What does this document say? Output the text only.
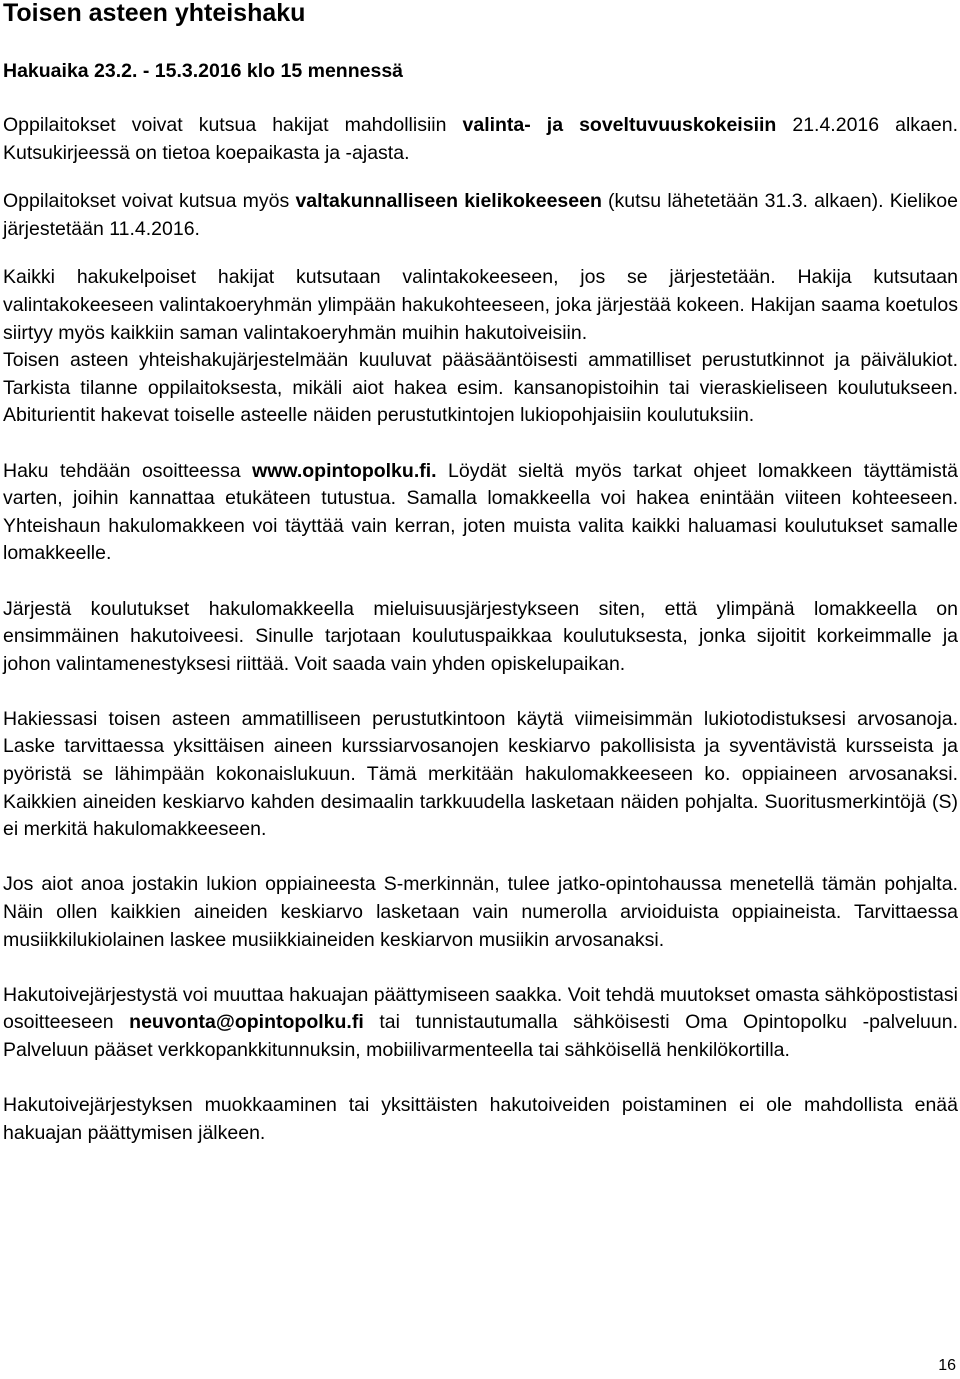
Toisen asteen yhteishaku
Hakuaika 23.2. - 15.3.2016 klo 15 mennessä

Oppilaitokset voivat kutsua hakijat mahdollisiin valinta- ja soveltuvuuskokeisiin 21.4.2016 alkaen. Kutsukirjeessä on tietoa koepaikasta ja -ajasta.

Oppilaitokset voivat kutsua myös valtakunnalliseen kielikokeeseen (kutsu lähetetään 31.3. alkaen). Kielikoe järjestetään 11.4.2016.

Kaikki hakukelpoiset hakijat kutsutaan valintakokeeseen, jos se järjestetään. Hakija kutsutaan valintakokeeseen valintakoeryhmän ylimpään hakukohteeseen, joka järjestää kokeen. Hakijan saama koetulos siirtyy myös kaikkiin saman valintakoeryhmän muihin hakutoiveisiin.

Toisen asteen yhteishakujärjestelmään kuuluvat pääsääntöisesti ammatilliset perustutkinnot ja päivälukiot. Tarkista tilanne oppilaitoksesta, mikäli aiot hakea esim. kansanopistoihin tai vieraskieliseen koulutukseen. Abiturientit hakevat toiselle asteelle näiden perustutkintojen lukiopohjaisiin koulutuksiin.

Haku tehdään osoitteessa www.opintopolku.fi. Löydät sieltä myös tarkat ohjeet lomakkeen täyttämistä varten, joihin kannattaa etukäteen tutustua. Samalla lomakkeella voi hakea enintään viiteen kohteeseen. Yhteishaun hakulomakkeen voi täyttää vain kerran, joten muista valita kaikki haluamasi koulutukset samalle lomakkeelle.

Järjestä koulutukset hakulomakkeella mieluisuusjärjestykseen siten, että ylimpänä lomakkeella on ensimmäinen hakutoiveesi. Sinulle tarjotaan koulutuspaikkaa koulutuksesta, jonka sijoitit korkeimmalle ja johon valintamenestyksesi riittää. Voit saada vain yhden opiskelupaikan.

Hakiessasi toisen asteen ammatilliseen perustutkintoon käytä viimeisimmän lukiotodistuksesi arvosanoja. Laske tarvittaessa yksittäisen aineen kurssiarvosanojen keskiarvo pakollisista ja syventävistä kursseista ja pyöristä se lähimpään kokonaislukuun. Tämä merkitään hakulomakkeeseen ko. oppiaineen arvosanaksi. Kaikkien aineiden keskiarvo kahden desimaalin tarkkuudella lasketaan näiden pohjalta. Suoritusmerkintöjä (S) ei merkitä hakulomakkeeseen.

Jos aiot anoa jostakin lukion oppiaineesta S-merkinnän, tulee jatko-opintohaussa menetellä tämän pohjalta. Näin ollen kaikkien aineiden keskiarvo lasketaan vain numerolla arvioiduista oppiaineista. Tarvittaessa musiikkilukiolainen laskee musiikkiaineiden keskiarvon musiikin arvosanaksi.

Hakutoivejärjestystä voi muuttaa hakuajan päättymiseen saakka. Voit tehdä muutokset omasta sähköpostistasi osoitteeseen neuvonta@opintopolku.fi tai tunnistautumalla sähköisesti Oma Opintopolku -palveluun. Palveluun pääset verkkopankkitunnuksin, mobiilivarmenteella tai sähköisellä henkilökortilla.

Hakutoivejärjestyksen muokkaaminen tai yksittäisten hakutoiveiden poistaminen ei ole mahdollista enää hakuajan päättymisen jälkeen.

16
